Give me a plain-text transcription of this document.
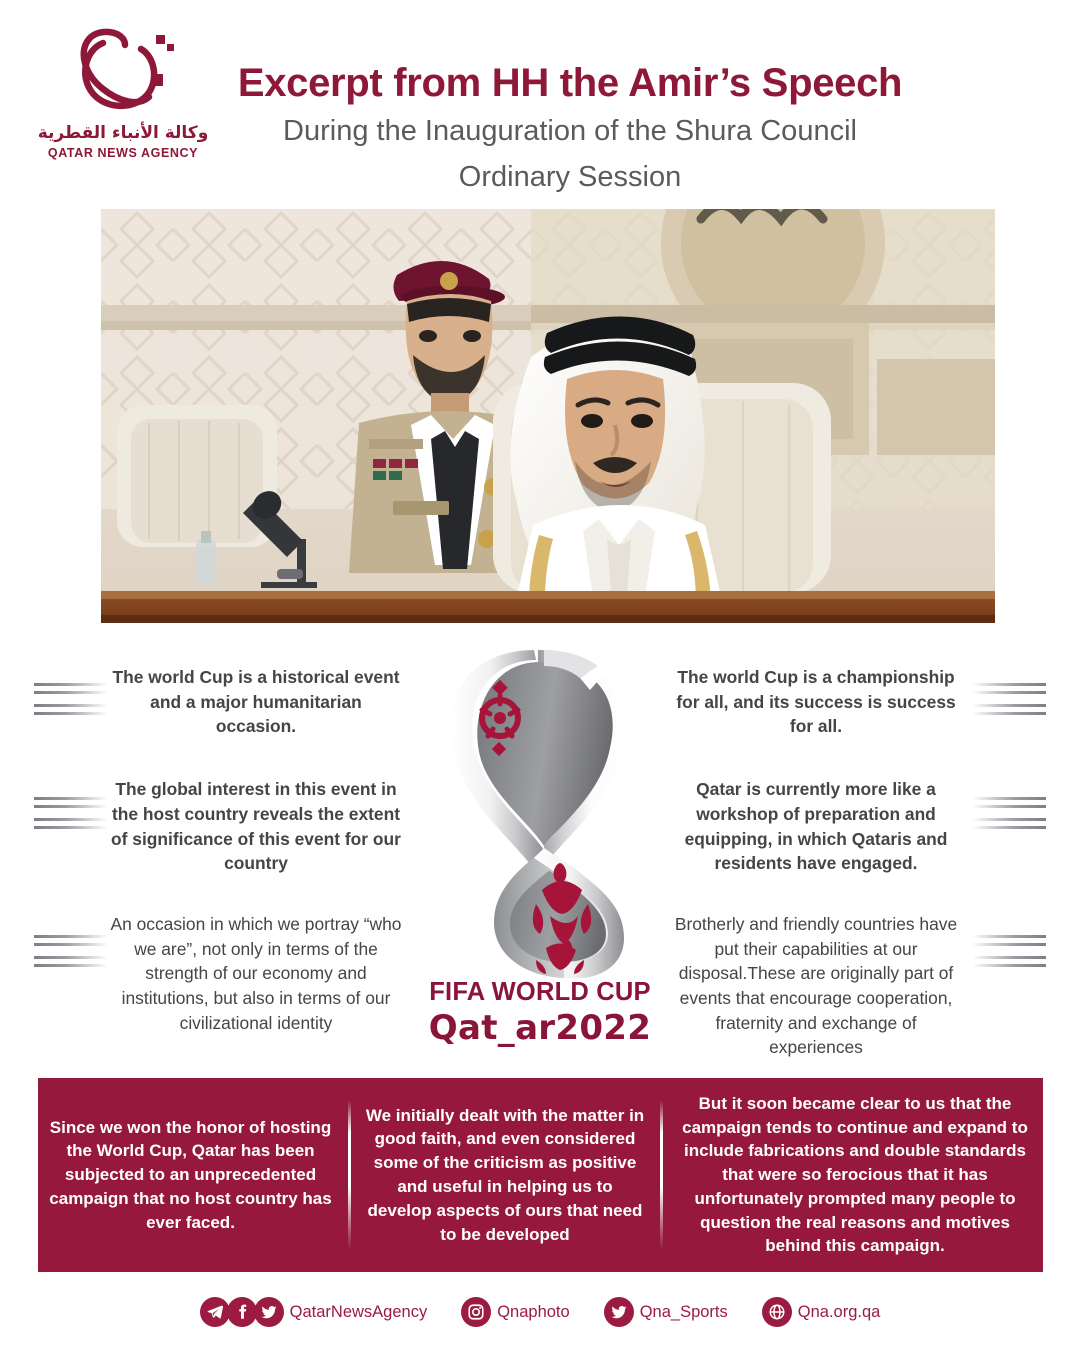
وكالة الأنباء القطرية
QATAR NEWS AGENCY
Excerpt from HH the Amir’s Speech
During the Inauguration of the Shura Council
Ordinary Session
The world Cup is a historical event and a major humanitarian occasion.
The global interest in this event in the host country reveals the extent of significance of this event for our country
An occasion in which we portray “who we are”, not only in terms of the strength of our economy and institutions, but also in terms of our civilizational identity
The world Cup is a championship for all, and its success is success for all.
Qatar is currently more like a workshop of preparation and equipping, in which Qataris and residents have engaged.
Brotherly and friendly countries have put their capabilities at our disposal.These are originally part of events that encourage cooperation, fraternity and exchange of experiences
FIFA WORLD CUP
Qat_ar2022
Since we won the honor of hosting the World Cup, Qatar has been subjected to an unprecedented campaign that no host country has ever faced.
We initially dealt with the matter in good faith, and even considered some of the criticism as positive and useful in helping us to develop aspects of ours that need to be developed
But it soon became clear to us that the campaign tends to continue and expand to include fabrications and double standards that were so ferocious that it has unfortunately prompted many people to question the real reasons and motives behind this campaign.
QatarNewsAgency	Qnaphoto	Qna_Sports	Qna.org.qa
